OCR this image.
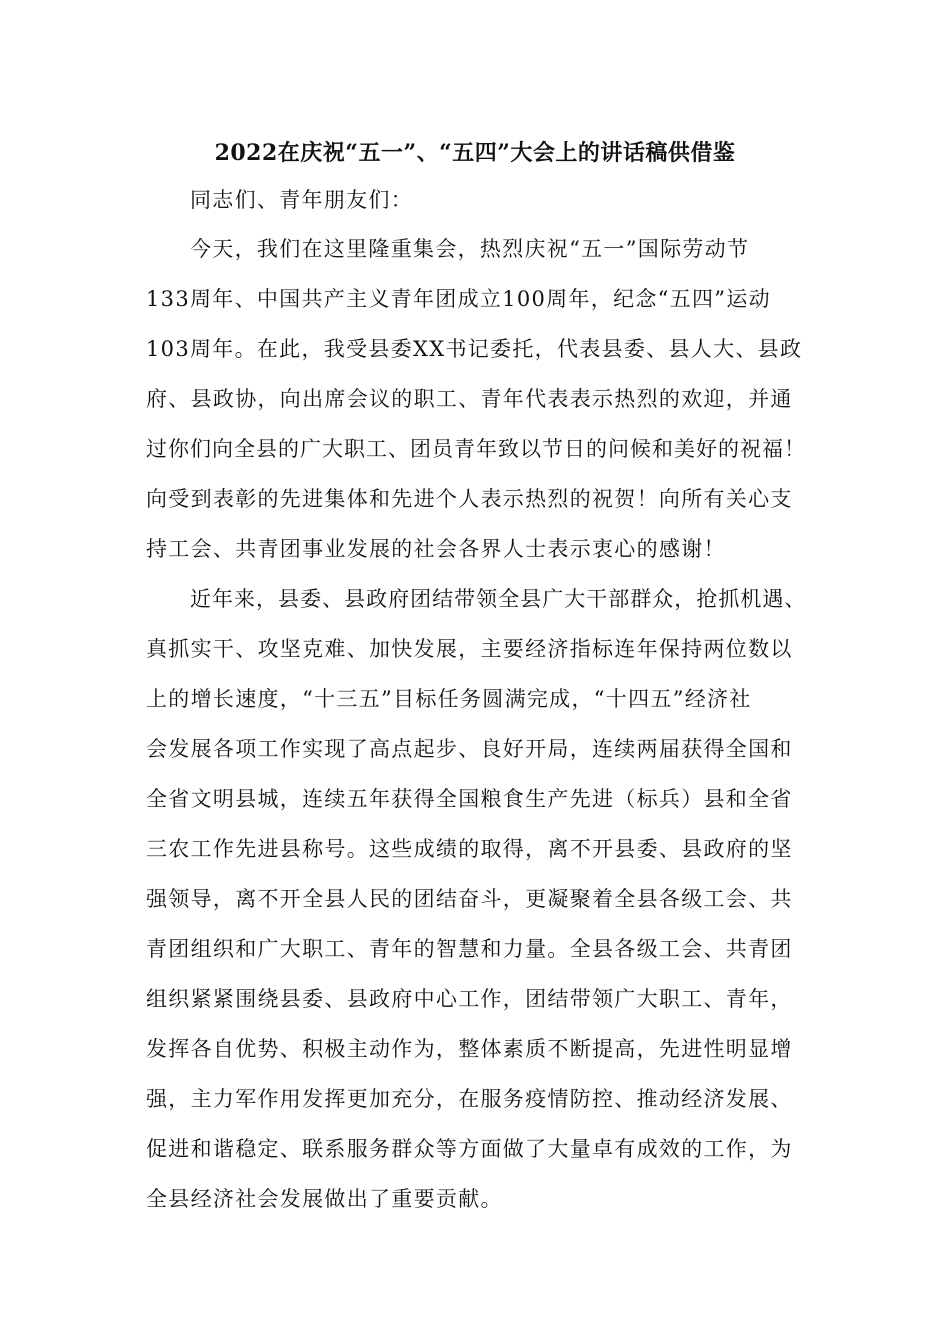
2022在庆祝“五一”、“五四”大会上的讲话稿供借鉴
同志们、青年朋友们：
今天，我们在这里隆重集会，热烈庆祝“五一”国际劳动节
133周年、中国共产主义青年团成立100周年，纪念“五四”运动
103周年。在此，我受县委XX书记委托，代表县委、县人大、县政
府、县政协，向出席会议的职工、青年代表表示热烈的欢迎，并通
过你们向全县的广大职工、团员青年致以节日的问候和美好的祝福！
向受到表彰的先进集体和先进个人表示热烈的祝贺！向所有关心支
持工会、共青团事业发展的社会各界人士表示衷心的感谢！
近年来，县委、县政府团结带领全县广大干部群众，抢抓机遇、
真抓实干、攻坚克难、加快发展，主要经济指标连年保持两位数以
上的增长速度，“十三五”目标任务圆满完成，“十四五”经济社
会发展各项工作实现了高点起步、良好开局，连续两届获得全国和
全省文明县城，连续五年获得全国粮食生产先进（标兵）县和全省
三农工作先进县称号。这些成绩的取得，离不开县委、县政府的坚
强领导，离不开全县人民的团结奋斗，更凝聚着全县各级工会、共
青团组织和广大职工、青年的智慧和力量。全县各级工会、共青团
组织紧紧围绕县委、县政府中心工作，团结带领广大职工、青年，
发挥各自优势、积极主动作为，整体素质不断提高，先进性明显增
强，主力军作用发挥更加充分，在服务疫情防控、推动经济发展、
促进和谐稳定、联系服务群众等方面做了大量卓有成效的工作，为
全县经济社会发展做出了重要贡献。
